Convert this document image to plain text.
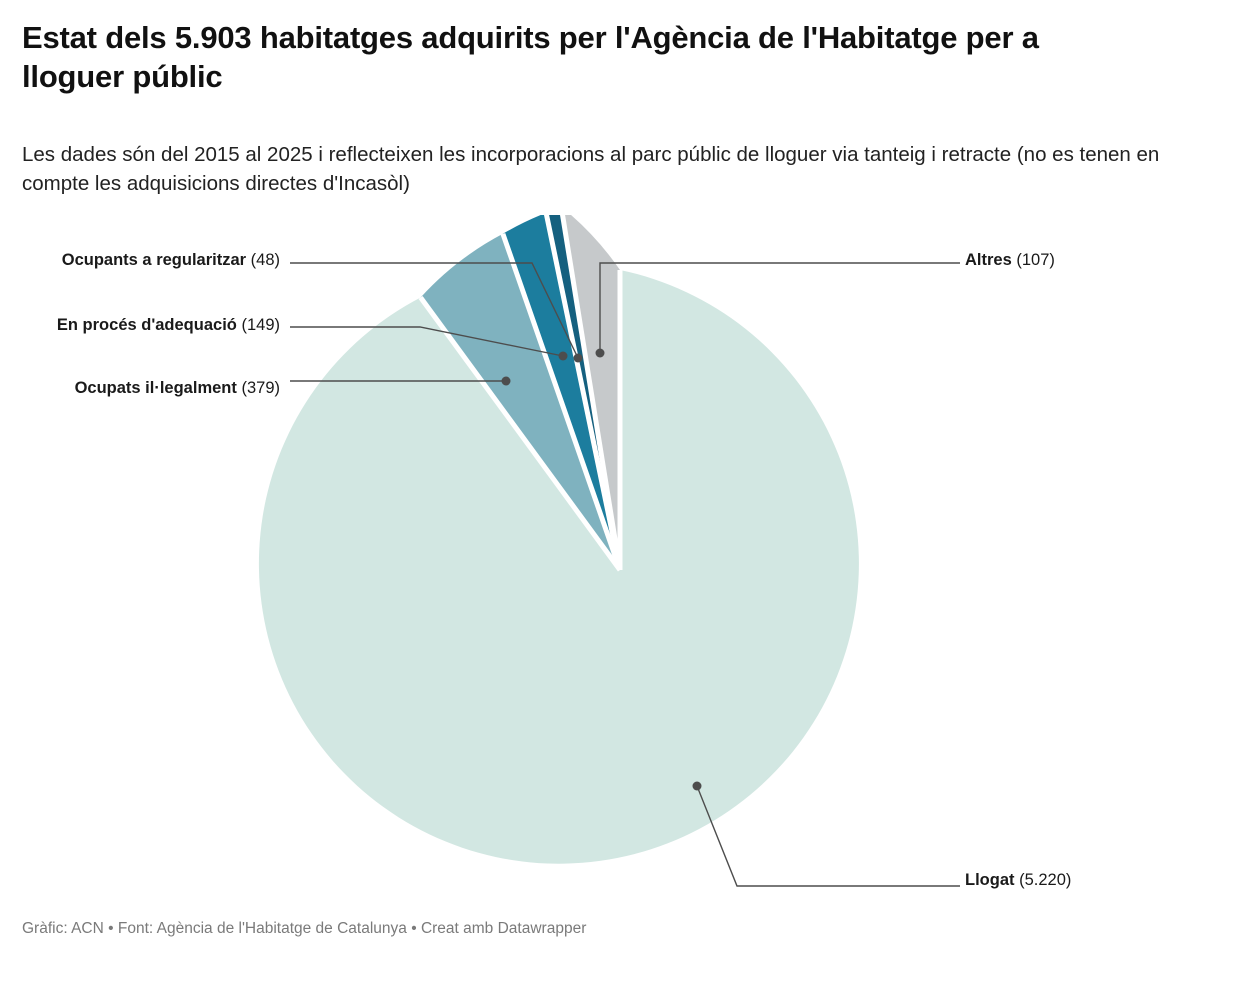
Estat dels 5.903 habitatges adquirits per l'Agència de l'Habitatge per a lloguer públic
Les dades són del 2015 al 2025 i reflecteixen les incorporacions al parc públic de lloguer via tanteig i retracte (no es tenen en compte les adquisicions directes d'Incasòl)
Ocupants a regularitzar (48)
En procés d'adequació (149)
Ocupats il·legalment (379)
Altres (107)
Llogat (5.220)
Gràfic: ACN • Font: Agència de l'Habitatge de Catalunya • Creat amb Datawrapper
